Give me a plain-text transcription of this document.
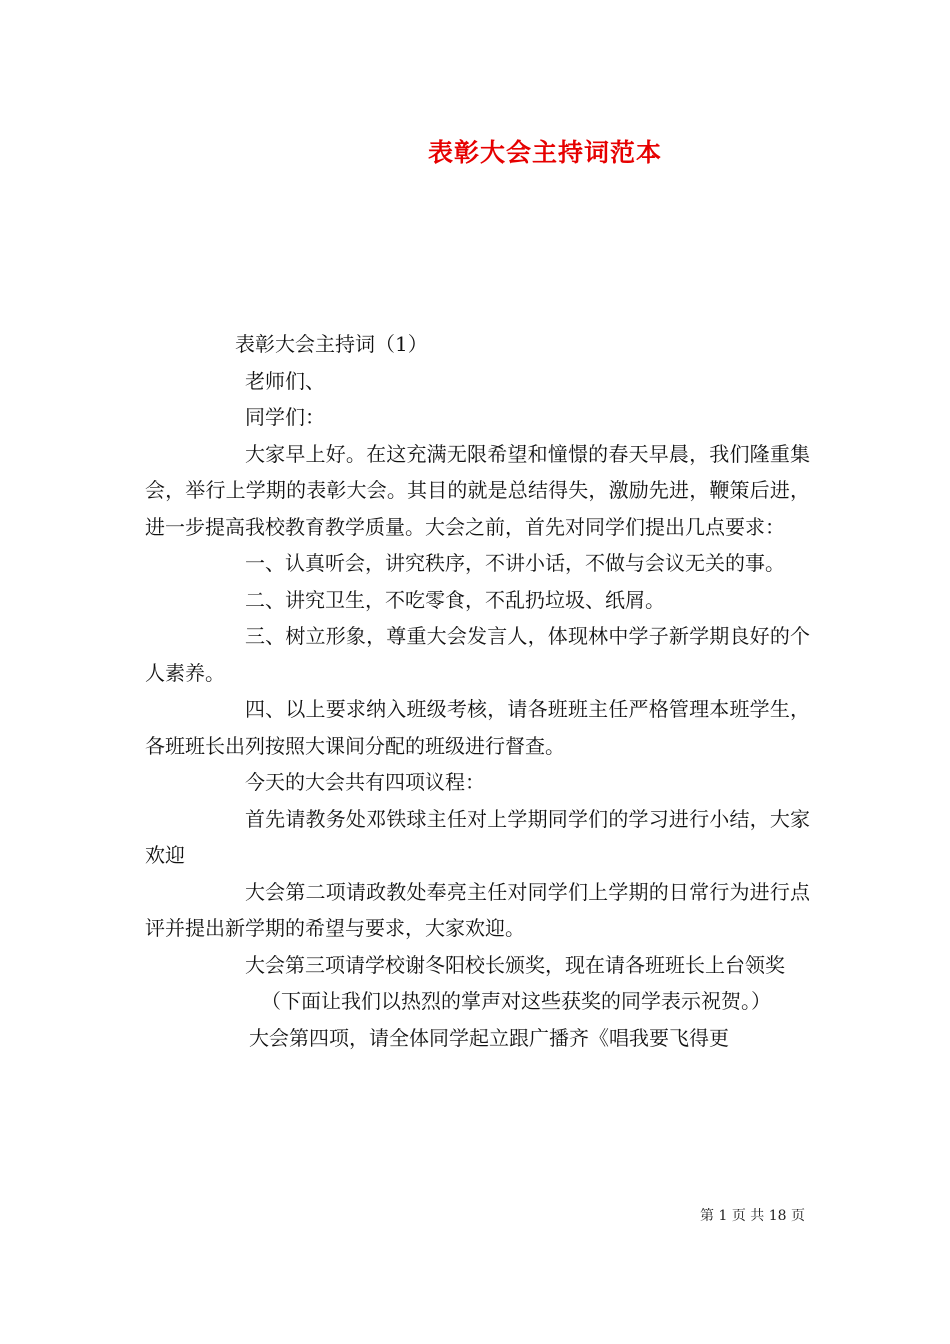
表彰大会主持词范本

表彰大会主持词（1）

老师们、

同学们：

大家早上好。在这充满无限希望和憧憬的春天早晨，我们隆重集会，举行上学期的表彰大会。其目的就是总结得失，激励先进，鞭策后进，进一步提高我校教育教学质量。大会之前，首先对同学们提出几点要求：

一、认真听会，讲究秩序，不讲小话，不做与会议无关的事。

二、讲究卫生，不吃零食，不乱扔垃圾、纸屑。

三、树立形象，尊重大会发言人，体现林中学子新学期良好的个人素养。

四、以上要求纳入班级考核，请各班班主任严格管理本班学生，各班班长出列按照大课间分配的班级进行督查。

今天的大会共有四项议程：

首先请教务处邓铁球主任对上学期同学们的学习进行小结，大家欢迎

大会第二项请政教处奉亮主任对同学们上学期的日常行为进行点评并提出新学期的希望与要求，大家欢迎。

大会第三项请学校谢冬阳校长颁奖，现在请各班班长上台领奖

（下面让我们以热烈的掌声对这些获奖的同学表示祝贺。）

大会第四项，请全体同学起立跟广播齐《唱我要飞得更

第 1 页 共 18 页
